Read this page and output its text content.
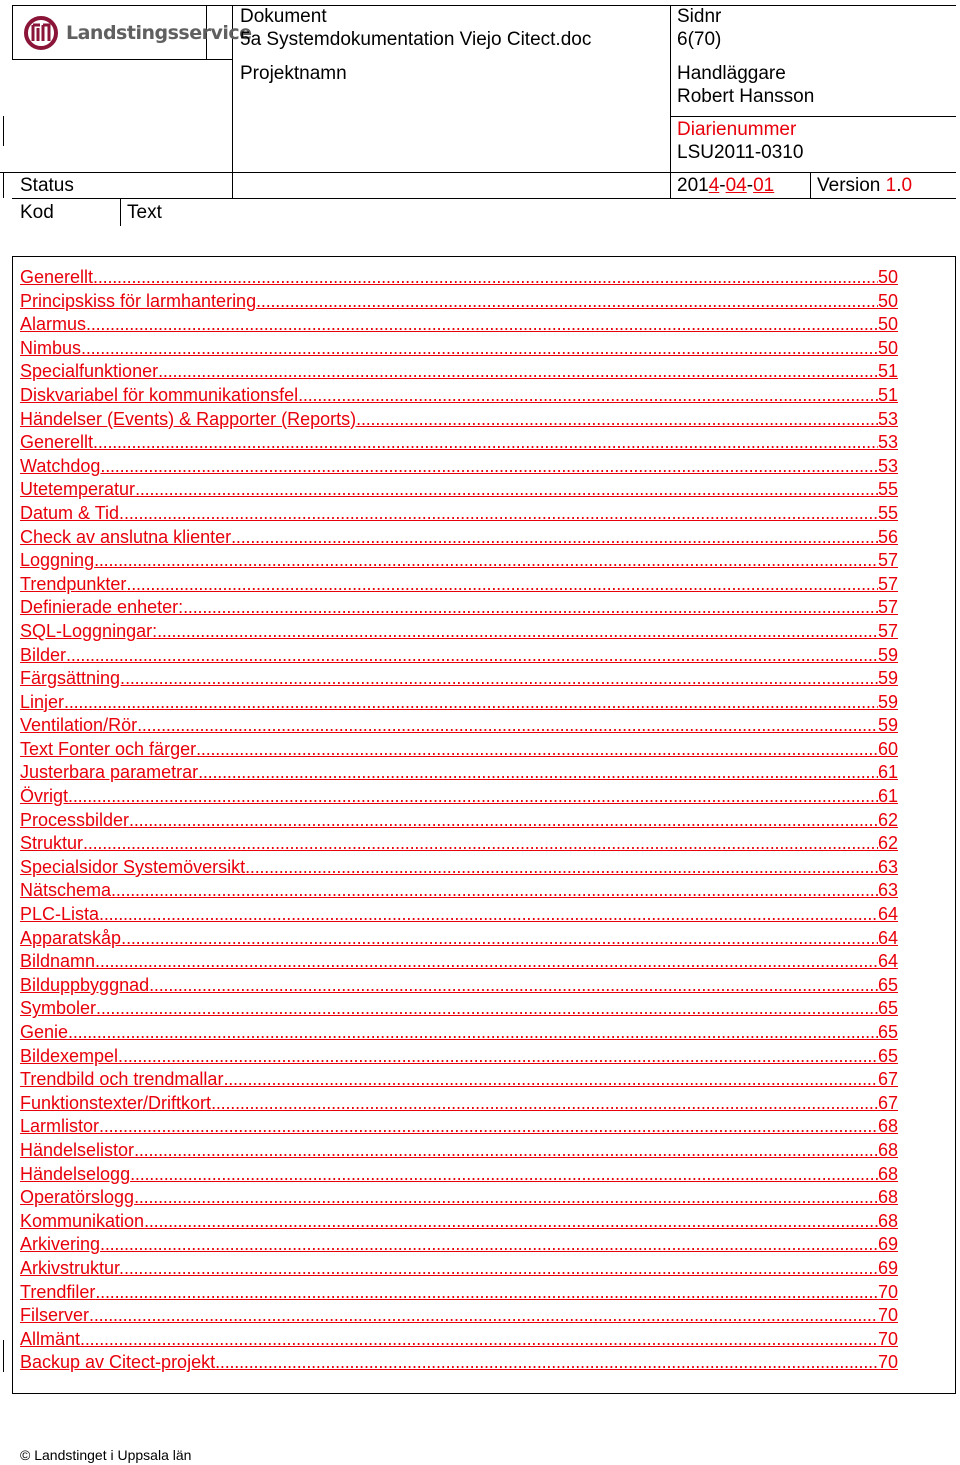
Landstingsservice
Dokument
5a Systemdokumentation Viejo Citect.doc
Projektnamn
Sidnr
6(70)
Handläggare
Robert Hansson
Diarienummer
LSU2011-0310
Status	2014-04-01 Version 1.0
Kod	Text
Generellt . . .	50
Principskiss för larmhantering . . .	50
Alarmus . . .	50
Nimbus . . .	50
Specialfunktioner . . .	51
Diskvariabel för kommunikationsfel . . .	51
Händelser (Events) & Rapporter (Reports) . . .	53
Generellt . . .	53
Watchdog . . .	53
Utetemperatur . . .	55
Datum & Tid. . . .	55
Check av anslutna klienter . . .	56
Loggning . . .	57
Trendpunkter . . .	57
Definierade enheter: . . .	57
SQL-Loggningar: . . .	57
Bilder . . .	59
Färgsättning. . . .	59
Linjer . . .	59
Ventilation/Rör . . .	59
Text Fonter och färger . . .	60
Justerbara parametrar . . .	61
Övrigt . . .	61
Processbilder . . .	62
Struktur . . .	62
Specialsidor Systemöversikt . . .	63
Nätschema . . .	63
PLC-Lista . . .	64
Apparatskåp. . . .	64
Bildnamn . . .	64
Bilduppbyggnad . . .	65
Symboler . . .	65
Genie . . .	65
Bildexempel. . . .	65
Trendbild och trendmallar . . .	67
Funktionstexter/Driftkort . . .	67
Larmlistor . . .	68
Händelselistor . . .	68
Händelselogg . . .	68
Operatörslogg . . .	68
Kommunikation . . .	68
Arkivering . . .	69
Arkivstruktur. . . .	69
Trendfiler . . .	70
Filserver . . .	70
Allmänt . . .	70
Backup av Citect-projekt . . .	70
© Landstinget i Uppsala län
